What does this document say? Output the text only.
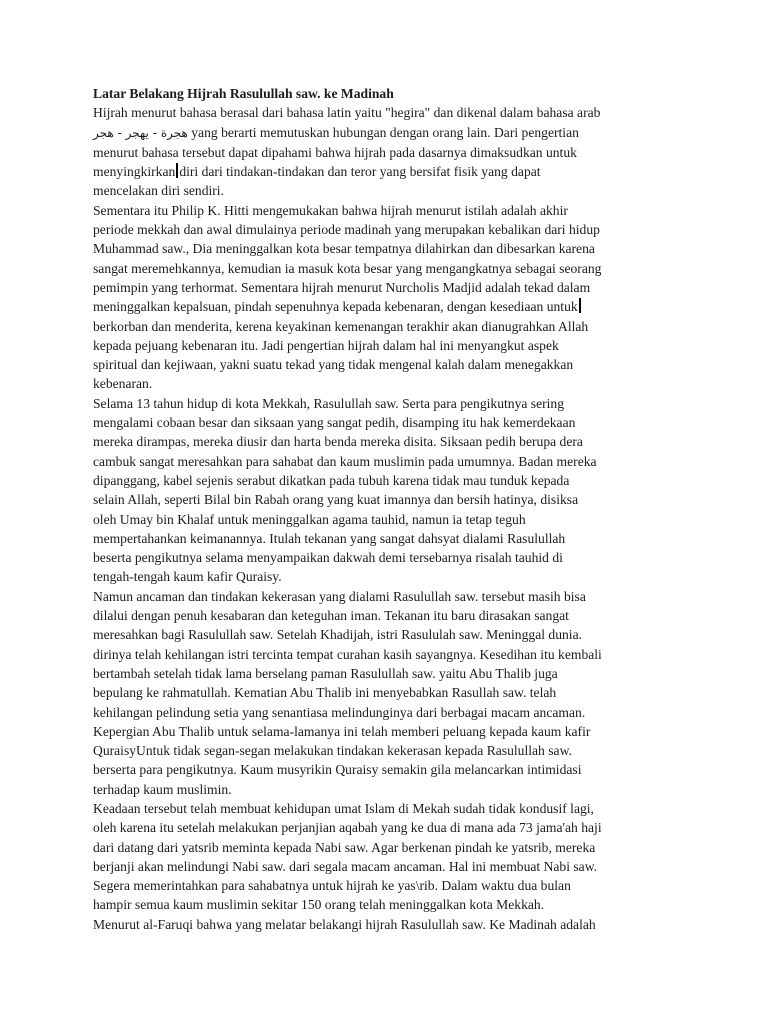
Latar Belakang Hijrah Rasulullah saw. ke Madinah
Hijrah menurut bahasa berasal dari bahasa latin yaitu "hegira" dan dikenal dalam bahasa arab
هجرة - يهجر - هجر yang berarti memutuskan hubungan dengan orang lain. Dari pengertian
menurut bahasa tersebut dapat dipahami bahwa hijrah pada dasarnya dimaksudkan untuk
menyingkirkan diri dari tindakan-tindakan dan teror yang bersifat fisik yang dapat
mencelakan diri sendiri.
Sementara itu Philip K. Hitti mengemukakan bahwa hijrah menurut istilah adalah akhir
periode mekkah dan awal dimulainya periode madinah yang merupakan kebalikan dari hidup
Muhammad saw., Dia meninggalkan kota besar tempatnya dilahirkan dan dibesarkan karena
sangat meremehkannya, kemudian ia masuk kota besar yang mengangkatnya sebagai seorang
pemimpin yang terhormat. Sementara hijrah menurut Nurcholis Madjid adalah tekad dalam
meninggalkan kepalsuan, pindah sepenuhnya kepada kebenaran, dengan kesediaan untuk
berkorban dan menderita, kerena keyakinan kemenangan terakhir akan dianugrahkan Allah
kepada pejuang kebenaran itu. Jadi pengertian hijrah dalam hal ini menyangkut aspek
spiritual dan kejiwaan, yakni suatu tekad yang tidak mengenal kalah dalam menegakkan
kebenaran.
Selama 13 tahun hidup di kota Mekkah, Rasulullah saw. Serta para pengikutnya sering
mengalami cobaan besar dan siksaan yang sangat pedih, disamping itu hak kemerdekaan
mereka dirampas, mereka diusir dan harta benda mereka disita. Siksaan pedih berupa dera
cambuk sangat meresahkan para sahabat dan kaum muslimin pada umumnya. Badan mereka
dipanggang, kabel sejenis serabut dikatkan pada tubuh karena tidak mau tunduk kepada
selain Allah, seperti Bilal bin Rabah orang yang kuat imannya dan bersih hatinya, disiksa
oleh Umay bin Khalaf untuk meninggalkan agama tauhid, namun ia tetap teguh
mempertahankan keimanannya. Itulah tekanan yang sangat dahsyat dialami Rasulullah
beserta pengikutnya selama menyampaikan dakwah demi tersebarnya risalah tauhid di
tengah-tengah kaum kafir Quraisy.
Namun ancaman dan tindakan kekerasan yang dialami Rasulullah saw. tersebut masih bisa
dilalui dengan penuh kesabaran dan keteguhan iman. Tekanan itu baru dirasakan sangat
meresahkan bagi Rasulullah saw. Setelah Khadijah, istri Rasululah saw. Meninggal dunia.
dirinya telah kehilangan istri tercinta tempat curahan kasih sayangnya. Kesedihan itu kembali
bertambah setelah tidak lama berselang paman Rasulullah saw. yaitu Abu Thalib juga
bepulang ke rahmatullah. Kematian Abu Thalib ini menyebabkan Rasullah saw. telah
kehilangan pelindung setia yang senantiasa melindunginya dari berbagai macam ancaman.
Kepergian Abu Thalib untuk selama-lamanya ini telah memberi peluang kepada kaum kafir
QuraisyUntuk tidak segan-segan melakukan tindakan kekerasan kepada Rasulullah saw.
berserta para pengikutnya. Kaum musyrikin Quraisy semakin gila melancarkan intimidasi
terhadap kaum muslimin.
Keadaan tersebut telah membuat kehidupan umat Islam di Mekah sudah tidak kondusif lagi,
oleh karena itu setelah melakukan perjanjian aqabah yang ke dua di mana ada 73 jama'ah haji
dari datang dari yatsrib meminta kepada Nabi saw. Agar berkenan pindah ke yatsrib, mereka
berjanji akan melindungi Nabi saw. dari segala macam ancaman. Hal ini membuat Nabi saw.
Segera memerintahkan para sahabatnya untuk hijrah ke yas\rib. Dalam waktu dua bulan
hampir semua kaum muslimin sekitar 150 orang telah meninggalkan kota Mekkah.
Menurut al-Faruqi bahwa yang melatar belakangi hijrah Rasulullah saw. Ke Madinah adalah
